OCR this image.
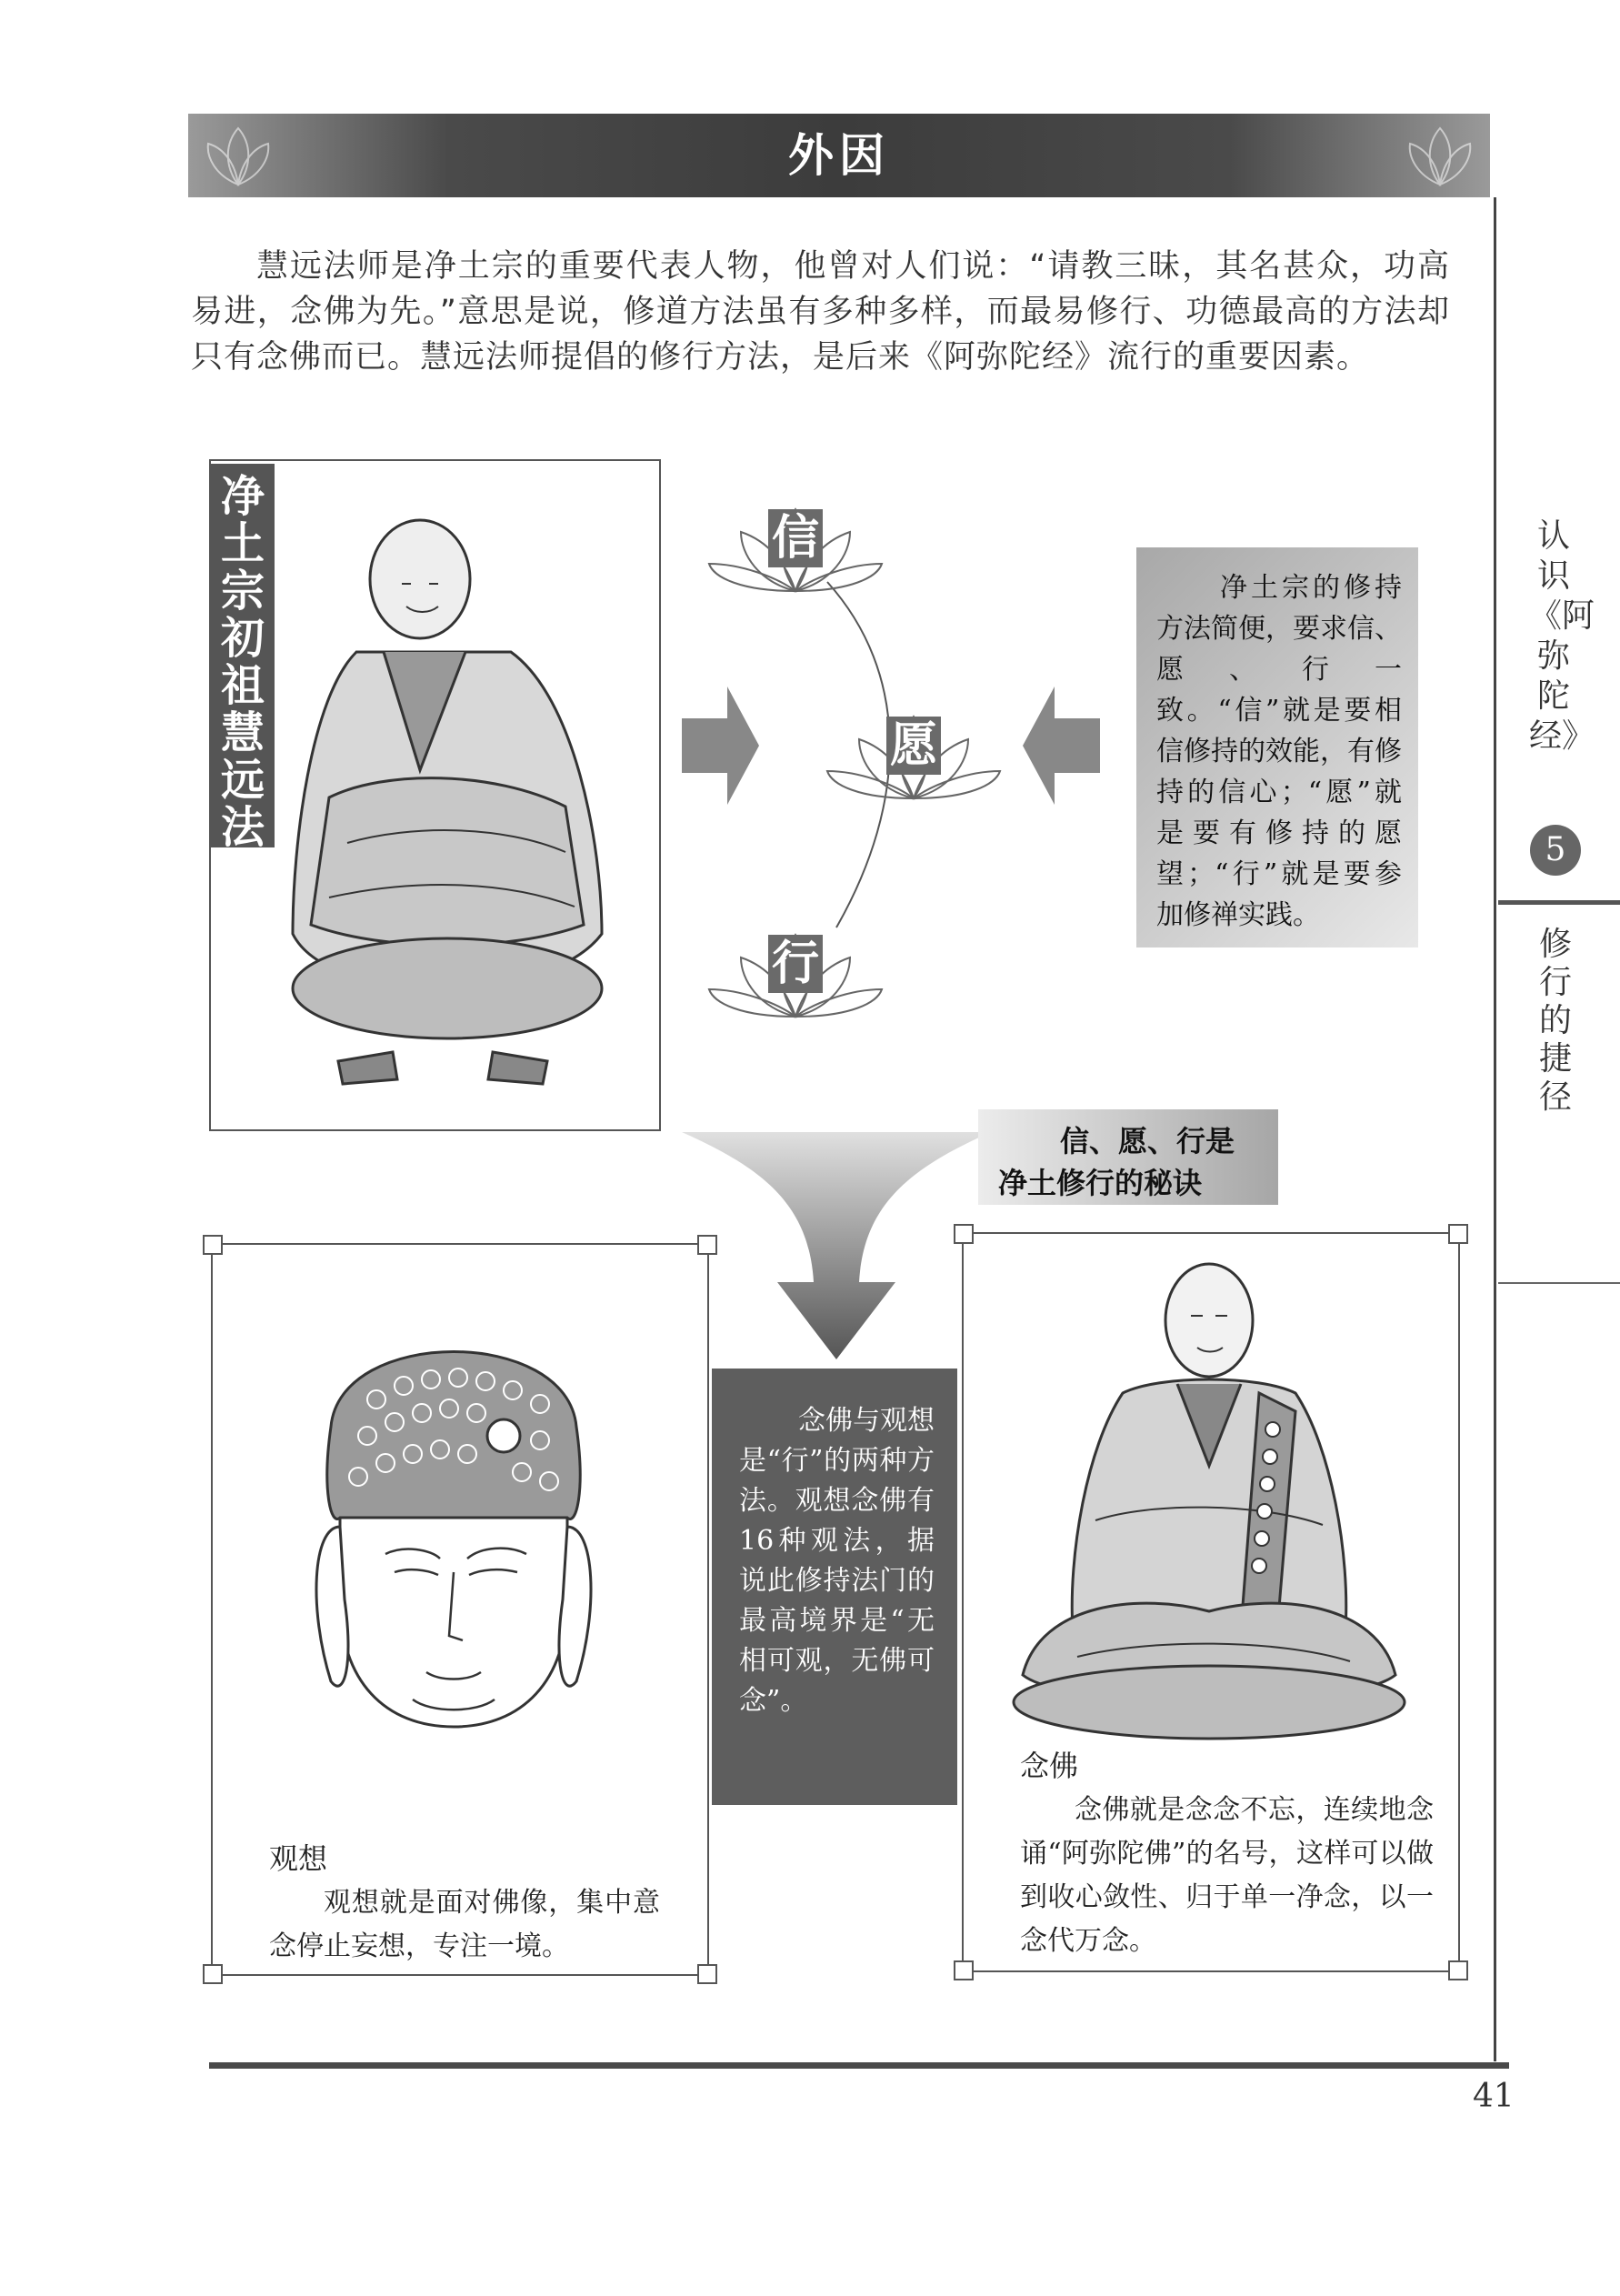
外因
慧远法师是净土宗的重要代表人物，他曾对人们说：“请教三昧，其名甚众，功高易进，念佛为先。”意思是说，修道方法虽有多种多样，而最易修行、功德最高的方法却只有念佛而已。慧远法师提倡的修行方法，是后来《阿弥陀经》流行的重要因素。
认识《阿弥陀经》
5
修行的捷径
净土宗初祖慧远法师
信
愿
行
净土宗的修持方法简便，要求信、愿、行一致。“信”就是要相信修持的效能，有修持的信心；“愿”就是要有修持的愿望；“行”就是要参加修禅实践。
信、愿、行是
净土修行的秘诀
观想
观想就是面对佛像，集中意念停止妄想，专注一境。
念佛与观想是“行”的两种方法。观想念佛有16种观法，据说此修持法门的最高境界是“无相可观，无佛可念”。
念佛
念佛就是念念不忘，连续地念诵“阿弥陀佛”的名号，这样可以做到收心敛性、归于单一净念，以一念代万念。
41
